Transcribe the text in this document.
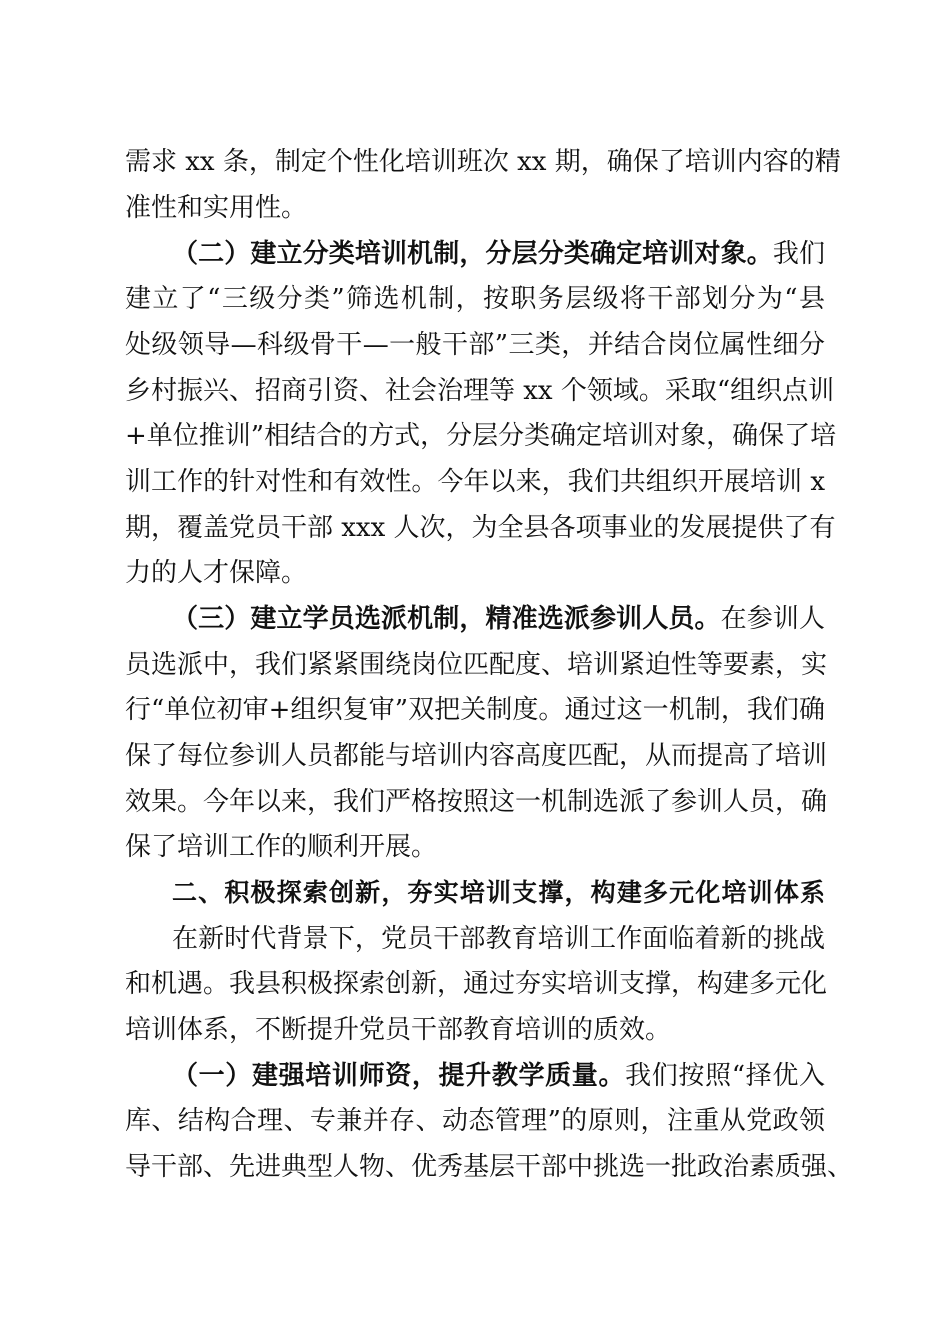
需求 xx 条，制定个性化培训班次 xx 期，确保了培训内容的精
准性和实用性。
（二）建立分类培训机制，分层分类确定培训对象。我们
建立了“三级分类”筛选机制，按职务层级将干部划分为“县
处级领导—科级骨干—一般干部”三类，并结合岗位属性细分
乡村振兴、招商引资、社会治理等 xx 个领域。采取“组织点训
+单位推训”相结合的方式，分层分类确定培训对象，确保了培
训工作的针对性和有效性。今年以来，我们共组织开展培训 x
期，覆盖党员干部 xxx 人次，为全县各项事业的发展提供了有
力的人才保障。
（三）建立学员选派机制，精准选派参训人员。在参训人
员选派中，我们紧紧围绕岗位匹配度、培训紧迫性等要素，实
行“单位初审+组织复审”双把关制度。通过这一机制，我们确
保了每位参训人员都能与培训内容高度匹配，从而提高了培训
效果。今年以来，我们严格按照这一机制选派了参训人员，确
保了培训工作的顺利开展。
二、积极探索创新，夯实培训支撑，构建多元化培训体系
在新时代背景下，党员干部教育培训工作面临着新的挑战
和机遇。我县积极探索创新，通过夯实培训支撑，构建多元化
培训体系，不断提升党员干部教育培训的质效。
（一）建强培训师资，提升教学质量。我们按照“择优入
库、结构合理、专兼并存、动态管理”的原则，注重从党政领
导干部、先进典型人物、优秀基层干部中挑选一批政治素质强、
